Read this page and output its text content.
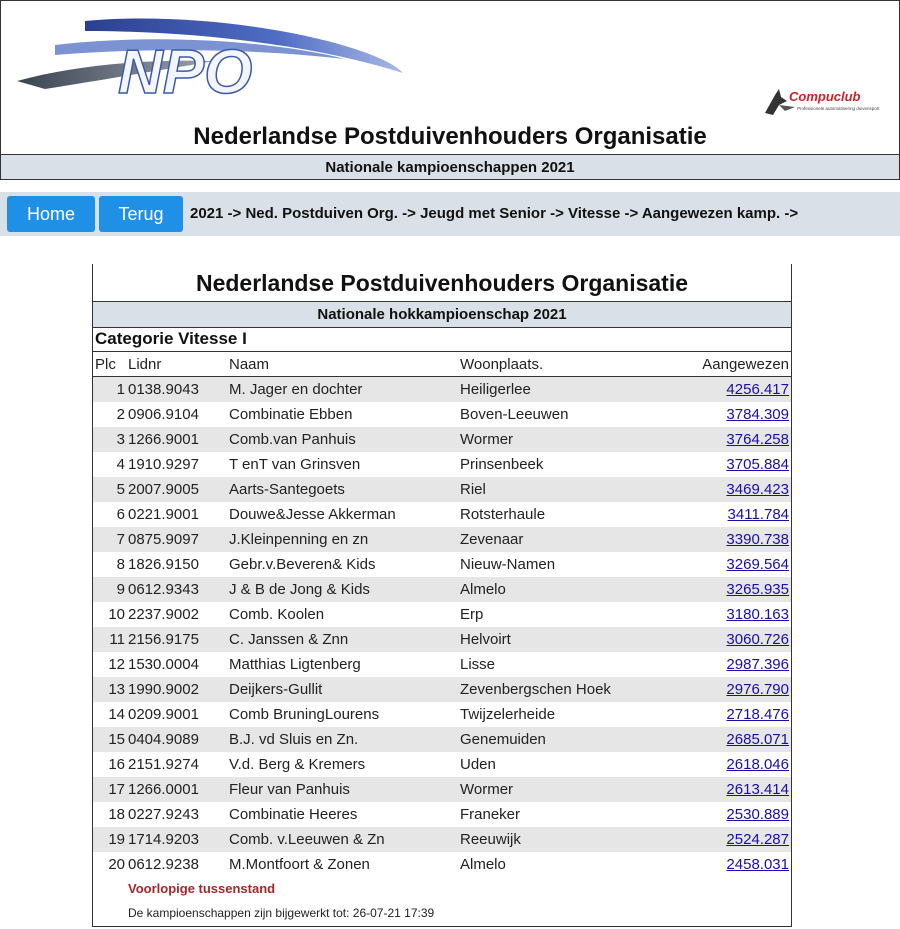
NPO	Compuclub
Professionele automatisering duivensport
Nederlandse Postduivenhouders Organisatie
Nationale kampioenschappen 2021
Home	Terug	2021 -> Ned. Postduiven Org. -> Jeugd met Senior -> Vitesse -> Aangewezen kamp. ->
Nederlandse Postduivenhouders Organisatie
Nationale hokkampioenschap 2021
Categorie Vitesse I
Plc Lidnr	Naam	Woonplaats.	Aangewezen
1 0138.9043 M. Jager en dochter	Heiligerlee	4256.417
2 0906.9104 Combinatie Ebben	Boven-Leeuwen	3784.309
3 1266.9001 Comb.van Panhuis	Wormer	3764.258
4 1910.9297 T enT van Grinsven	Prinsenbeek	3705.884
5 2007.9005 Aarts-Santegoets	Riel	3469.423
6 0221.9001 Douwe&Jesse Akkerman	Rotsterhaule	3411.784
7 0875.9097 J.Kleinpenning en zn	Zevenaar	3390.738
8 1826.9150 Gebr.v.Beveren& Kids	Nieuw-Namen	3269.564
9 0612.9343 J & B de Jong & Kids	Almelo	3265.935
10 2237.9002 Comb. Koolen	Erp	3180.163
11 2156.9175 C. Janssen & Znn	Helvoirt	3060.726
12 1530.0004 Matthias Ligtenberg	Lisse	2987.396
13 1990.9002 Deijkers-Gullit	Zevenbergschen Hoek	2976.790
14 0209.9001 Comb BruningLourens	Twijzelerheide	2718.476
15 0404.9089 B.J. vd Sluis en Zn.	Genemuiden	2685.071
16 2151.9274 V.d. Berg & Kremers	Uden	2618.046
17 1266.0001 Fleur van Panhuis	Wormer	2613.414
18 0227.9243 Combinatie Heeres	Franeker	2530.889
19 1714.9203 Comb. v.Leeuwen & Zn	Reeuwijk	2524.287
20 0612.9238 M.Montfoort & Zonen	Almelo	2458.031
Voorlopige tussenstand
De kampioenschappen zijn bijgewerkt tot: 26-07-21 17:39
